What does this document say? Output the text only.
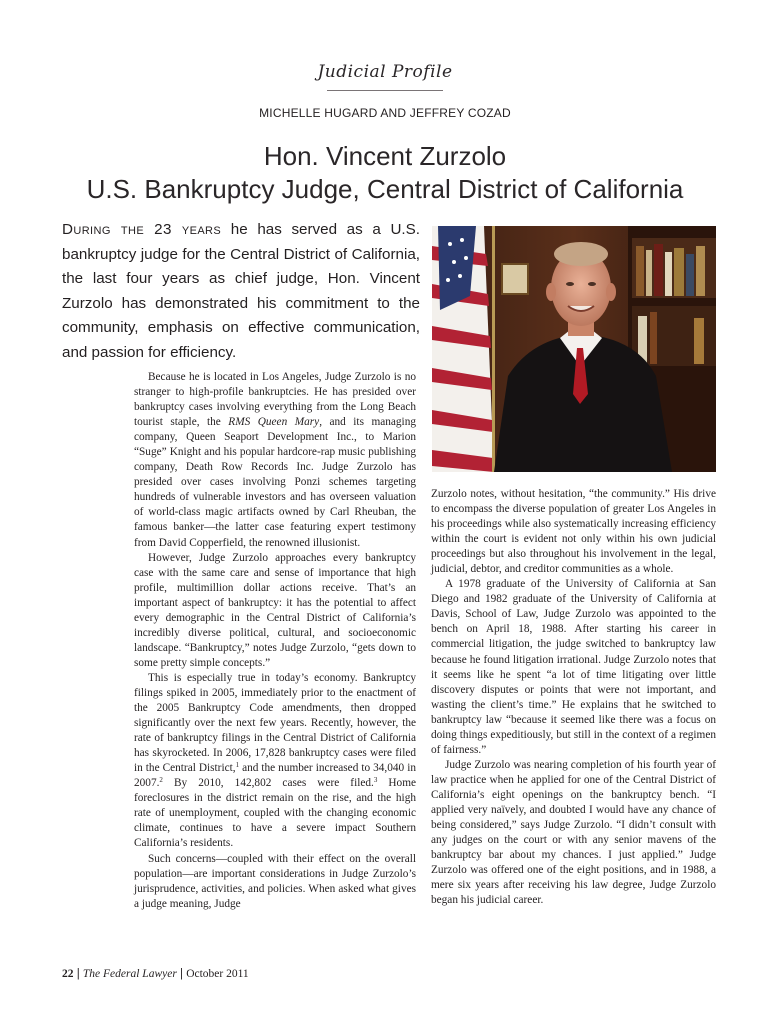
Judicial Profile
MICHELLE HUGARD AND JEFFREY COZAD
Hon. Vincent Zurzolo
U.S. Bankruptcy Judge, Central District of California
During the 23 years he has served as a U.S. bankruptcy judge for the Central District of California, the last four years as chief judge, Hon. Vincent Zurzolo has demonstrated his commitment to the community, emphasis on effective communication, and passion for efficiency.

Because he is located in Los Angeles, Judge Zurzolo is no stranger to high-profile bankruptcies. He has presided over bankruptcy cases involving everything from the Long Beach tourist staple, the RMS Queen Mary, and its managing company, Queen Seaport Development Inc., to Marion “Suge” Knight and his popular hardcore-rap music publishing company, Death Row Records Inc. Judge Zurzolo has presided over cases involving Ponzi schemes targeting hundreds of vulnerable investors and has overseen valuation of world-class magic artifacts owned by Carl Rheuban, the famous banker—the latter case featuring expert testimony from David Copperfield, the renowned illusionist.

However, Judge Zurzolo approaches every bankruptcy case with the same care and sense of importance that high profile, multimillion dollar actions receive. That’s an important aspect of bankruptcy: it has the potential to affect every demographic in the Central District of California’s incredibly diverse political, cultural, and socioeconomic landscape. “Bankruptcy,” notes Judge Zurzolo, “gets down to some pretty simple concepts.”

This is especially true in today’s economy. Bankruptcy filings spiked in 2005, immediately prior to the enactment of the 2005 Bankruptcy Code amendments, then dropped significantly over the next few years. Recently, however, the rate of bankruptcy filings in the Central District of California has skyrocketed. In 2006, 17,828 bankruptcy cases were filed in the Central District,$^1$ and the number increased to 34,040 in 2007.$^2$ By 2010, 142,802 cases were filed.$^3$ Home foreclosures in the district remain on the rise, and the high rate of unemployment, coupled with the changing economic climate, continues to have a severe impact Southern California’s residents.

Such concerns—coupled with their effect on the overall population—are important considerations in Judge Zurzolo’s jurisprudence, activities, and policies. When asked what gives a judge meaning, Judge

Zurzolo notes, without hesitation, “the community.” His drive to encompass the diverse population of greater Los Angeles in his proceedings while also systematically increasing efficiency within the court is evident not only within his own judicial proceedings but also throughout his involvement in the legal, judicial, debtor, and creditor communities as a whole.

A 1978 graduate of the University of California at San Diego and 1982 graduate of the University of California at Davis, School of Law, Judge Zurzolo was appointed to the bench on April 18, 1988. After starting his career in commercial litigation, the judge switched to bankruptcy law because he found litigation irrational. Judge Zurzolo notes that it seems like he spent “a lot of time litigating over little discovery disputes or points that were not important, and wasting the client’s time.” He explains that he switched to bankruptcy law “because it seemed like there was a focus on doing things expeditiously, but still in the context of a regimen of fairness.”

Judge Zurzolo was nearing completion of his fourth year of law practice when he applied for one of the Central District of California’s eight openings on the bankruptcy bench. “I applied very naïvely, and doubted I would have any chance of being considered,” says Judge Zurzolo. “I didn’t consult with any judges on the court or with any senior mavens of the bankruptcy bar about my chances. I just applied.” Judge Zurzolo was offered one of the eight positions, and in 1988, a mere six years after receiving his law degree, Judge Zurzolo began his judicial career.

22 | The Federal Lawyer | October 2011
